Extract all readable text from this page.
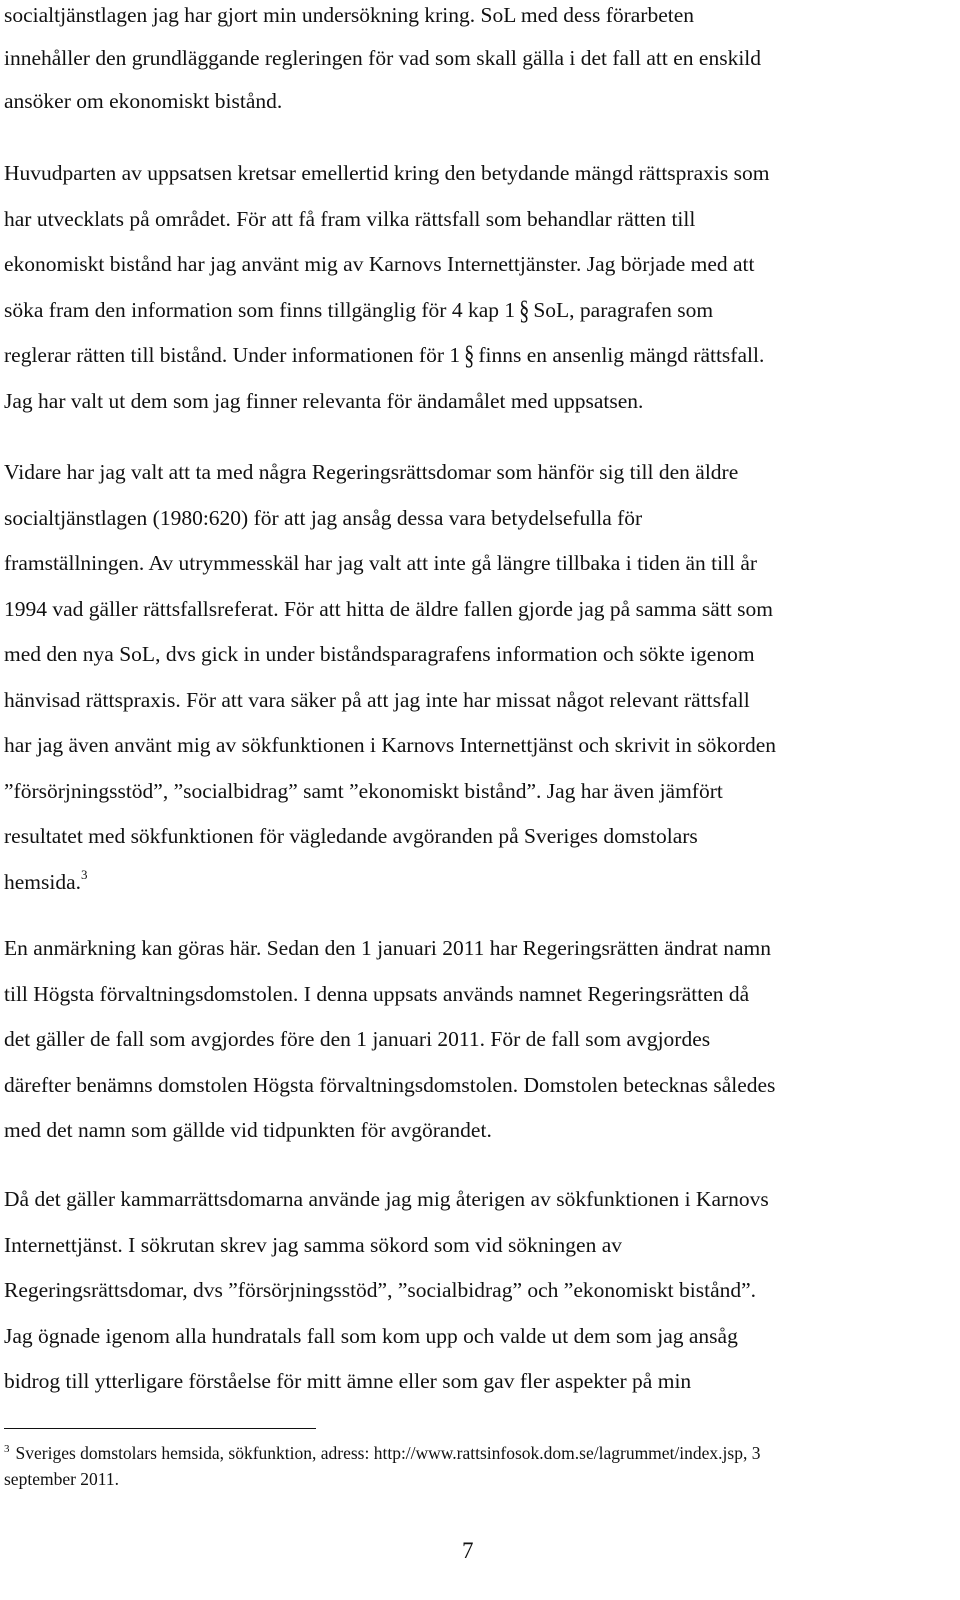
socialtjänstlagen jag har gjort min undersökning kring. SoL med dess förarbeten
innehåller den grundläggande regleringen för vad som skall gälla i det fall att en enskild
ansöker om ekonomiskt bistånd.
Huvudparten av uppsatsen kretsar emellertid kring den betydande mängd rättspraxis som
har utvecklats på området. För att få fram vilka rättsfall som behandlar rätten till
ekonomiskt bistånd har jag använt mig av Karnovs Internettjänster. Jag började med att
söka fram den information som finns tillgänglig för 4 kap 1 § SoL, paragrafen som
reglerar rätten till bistånd. Under informationen för 1 § finns en ansenlig mängd rättsfall.
Jag har valt ut dem som jag finner relevanta för ändamålet med uppsatsen.
Vidare har jag valt att ta med några Regeringsrättsdomar som hänför sig till den äldre
socialtjänstlagen (1980:620) för att jag ansåg dessa vara betydelsefulla för
framställningen. Av utrymmesskäl har jag valt att inte gå längre tillbaka i tiden än till år
1994 vad gäller rättsfallsreferat. För att hitta de äldre fallen gjorde jag på samma sätt som
med den nya SoL, dvs gick in under biståndsparagrafens information och sökte igenom
hänvisad rättspraxis. För att vara säker på att jag inte har missat något relevant rättsfall
har jag även använt mig av sökfunktionen i Karnovs Internettjänst och skrivit in sökorden
”försörjningsstöd”, ”socialbidrag” samt ”ekonomiskt bistånd”. Jag har även jämfört
resultatet med sökfunktionen för vägledande avgöranden på Sveriges domstolars
hemsida.$^3$
En anmärkning kan göras här. Sedan den 1 januari 2011 har Regeringsrätten ändrat namn
till Högsta förvaltningsdomstolen. I denna uppsats används namnet Regeringsrätten då
det gäller de fall som avgjordes före den 1 januari 2011. För de fall som avgjordes
därefter benämns domstolen Högsta förvaltningsdomstolen. Domstolen betecknas således
med det namn som gällde vid tidpunkten för avgörandet.
Då det gäller kammarrättsdomarna använde jag mig återigen av sökfunktionen i Karnovs
Internettjänst. I sökrutan skrev jag samma sökord som vid sökningen av
Regeringsrättsdomar, dvs ”försörjningsstöd”, ”socialbidrag” och ”ekonomiskt bistånd”.
Jag ögnade igenom alla hundratals fall som kom upp och valde ut dem som jag ansåg
bidrog till ytterligare förståelse för mitt ämne eller som gav fler aspekter på min
$^3$ Sveriges domstolars hemsida, sökfunktion, adress: http://www.rattsinfosok.dom.se/lagrummet/index.jsp, 3
september 2011.
7
